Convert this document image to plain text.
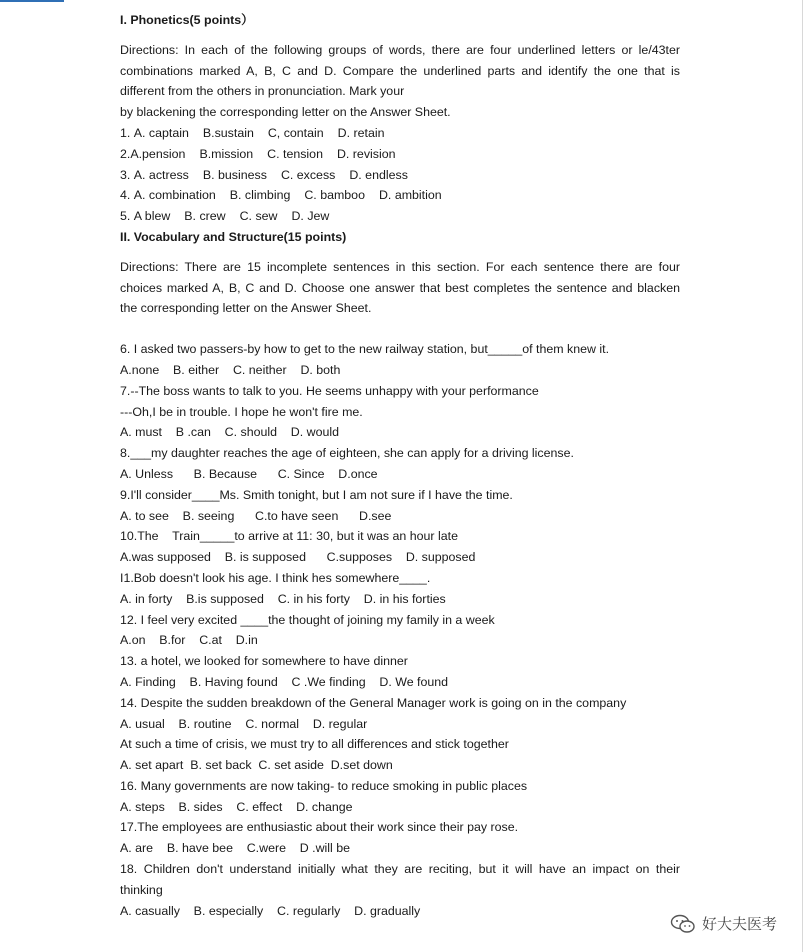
I. Phonetics(5 points）

Directions: In each of the following groups of words, there are four underlined letters or le/43ter

combinations marked A, B, C and D. Compare the underlined parts and identify the one that is

different from the others in pronunciation. Mark your

by blackening the corresponding letter on the Answer Sheet.

1. A. captain B.sustain C, contain D. retain

2.A.pension B.mission C. tension D. revision

3. A. actress B. business C. excess D. endless

4. A. combination B. climbing C. bamboo D. ambition

5. A blew B. crew C. sew D. Jew

II. Vocabulary and Structure(15 points)

Directions: There are 15 incomplete sentences in this section. For each sentence there are four

choices marked A, B, C and D. Choose one answer that best completes the sentence and blacken

the corresponding letter on the Answer Sheet.

6. I asked two passers-by how to get to the new railway station, but_____of them knew it.

A.none    B. either    C. neither    D. both

7.--The boss wants to talk to you. He seems unhappy with your performance

---Oh,I be in trouble. I hope he won't fire me.

A. must    B .can    C. should    D. would

8.___my daughter reaches the age of eighteen, she can apply for a driving license.

A. Unless      B. Because      C. Since    D.once

9.I'll consider____Ms. Smith tonight, but I am not sure if I have the time.

A. to see    B. seeing      C.to have seen      D.see

10.The    Train_____to arrive at 11: 30, but it was an hour late

A.was supposed    B. is supposed      C.supposes    D. supposed

I1.Bob doesn't look his age. I think hes somewhere____.

A. in forty    B.is supposed    C. in his forty    D. in his forties

12. I feel very excited ____the thought of joining my family in a week

A.on    B.for    C.at    D.in

13. a hotel, we looked for somewhere to have dinner

A. Finding    B. Having found    C .We finding    D. We found

14. Despite the sudden breakdown of the General Manager work is going on in the company

A. usual    B. routine    C. normal    D. regular

At such a time of crisis, we must try to all differences and stick together

A. set apart  B. set back  C. set aside  D.set down

16. Many governments are now taking- to reduce smoking in public places

A. steps    B. sides    C. effect    D. change

17.The employees are enthusiastic about their work since their pay rose.

A. are    B. have bee    C.were    D .will be

18. Children don't understand initially what they are reciting, but it will have an impact on their

thinking

A. casually    B. especially    C. regularly    D. gradually

好大夫医考
